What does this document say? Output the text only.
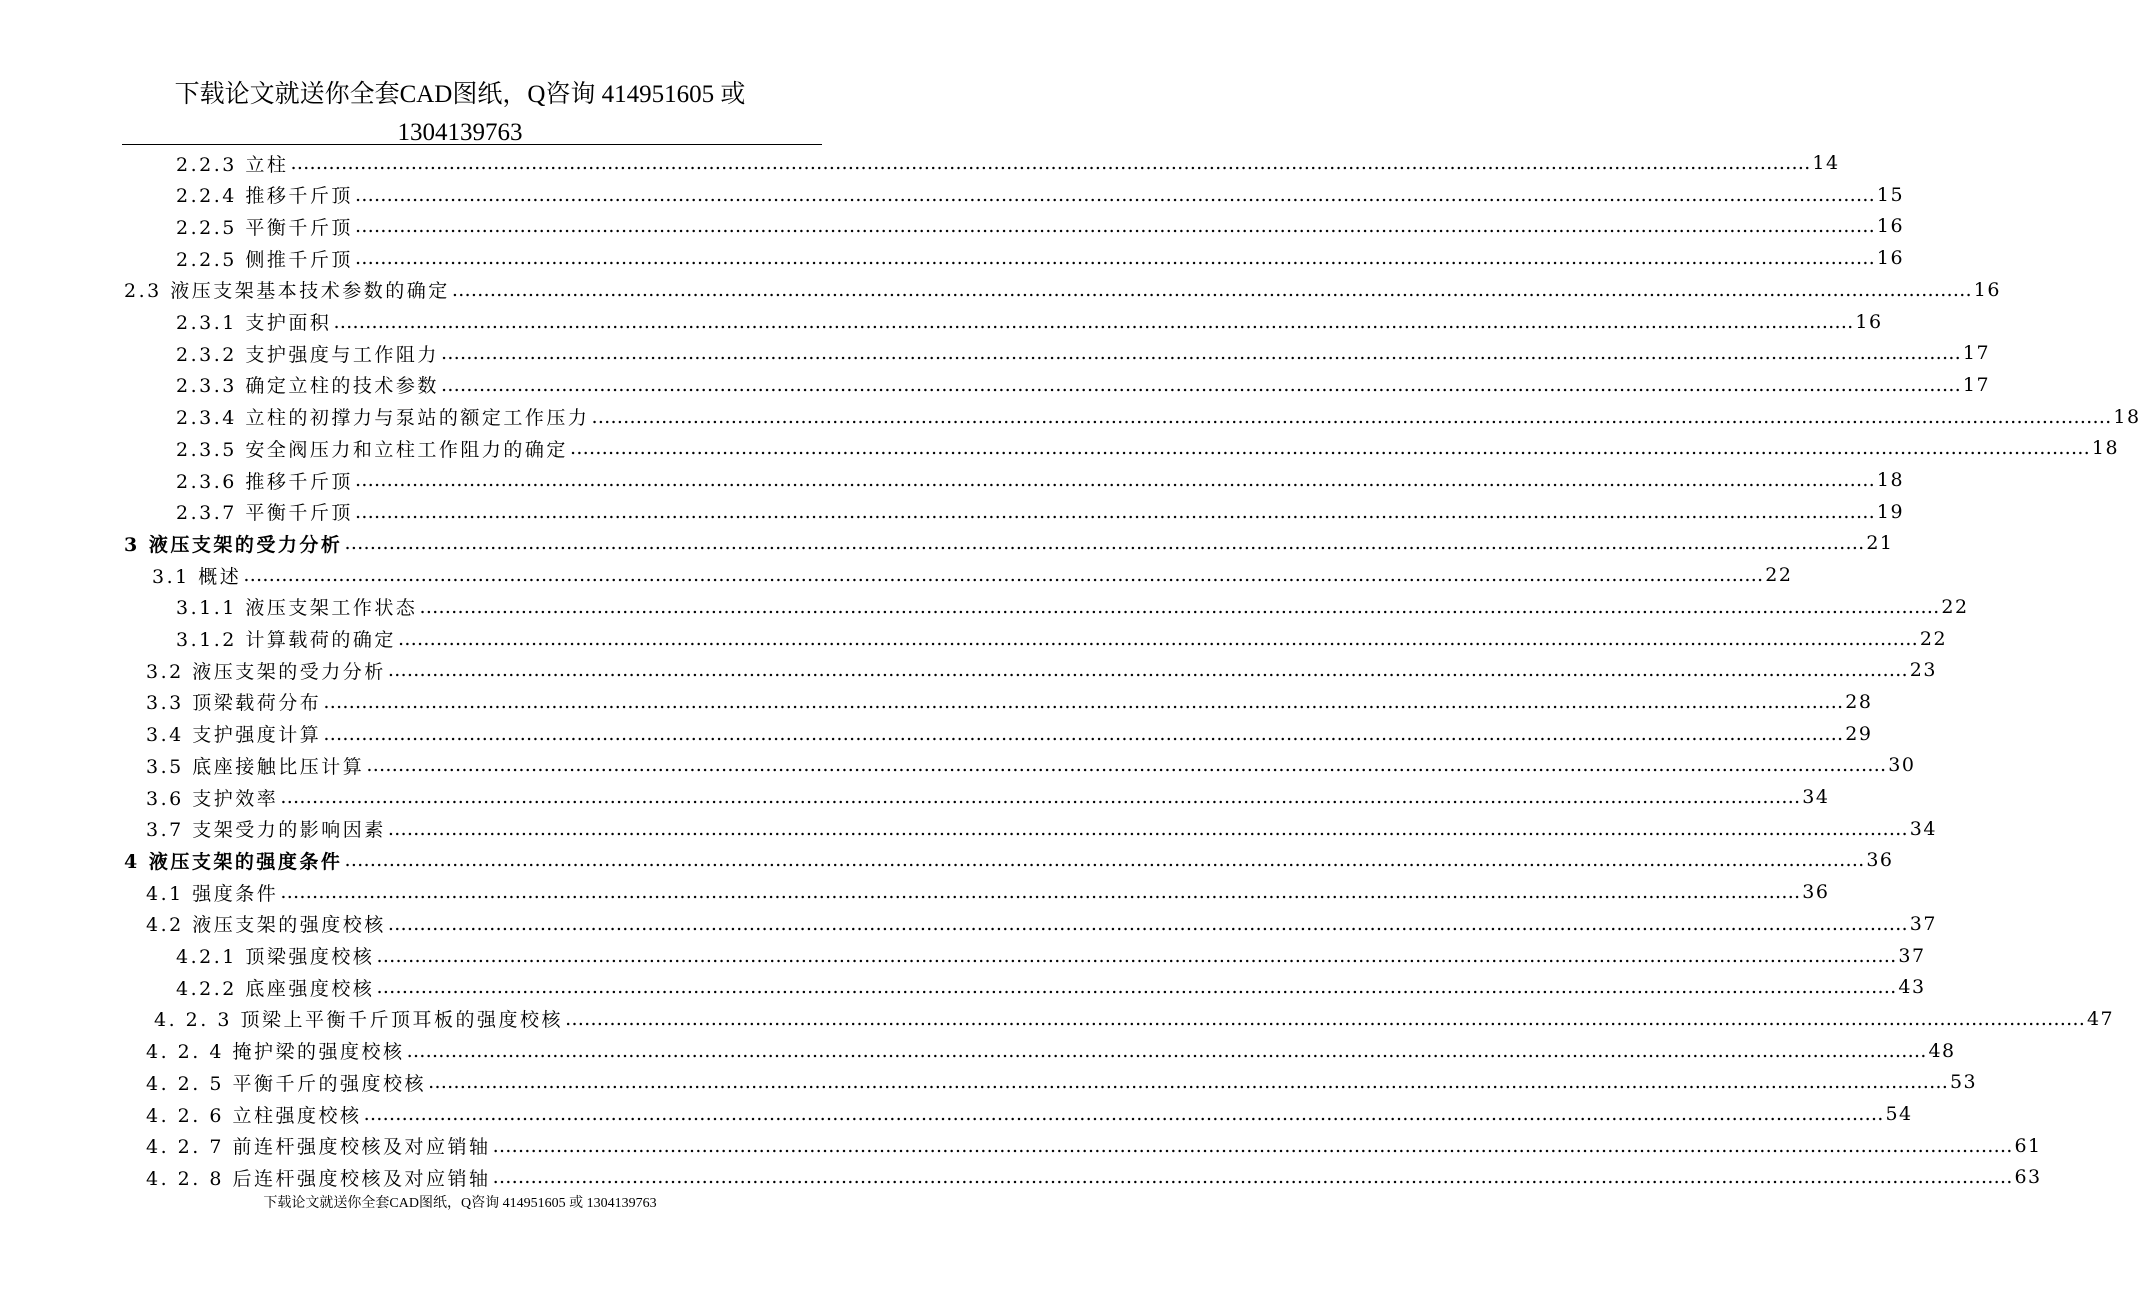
下载论文就送你全套CAD图纸，Q咨询 414951605 或
1304139763
2.2.3 立柱 …………………………………………………………………………………………………………………………………………………………………………………………………………………… 14
2.2.4 推移千斤顶 …………………………………………………………………………………………………………………………………………………………………………………………………………………… 15
2.2.5 平衡千斤顶 …………………………………………………………………………………………………………………………………………………………………………………………………………………… 16
2.2.5 侧推千斤顶 …………………………………………………………………………………………………………………………………………………………………………………………………………………… 16
2.3 液压支架基本技术参数的确定 …………………………………………………………………………………………………………………………………………………………………………………………………………………… 16
2.3.1 支护面积 …………………………………………………………………………………………………………………………………………………………………………………………………………………… 16
2.3.2 支护强度与工作阻力 …………………………………………………………………………………………………………………………………………………………………………………………………………………… 17
2.3.3 确定立柱的技术参数 …………………………………………………………………………………………………………………………………………………………………………………………………………………… 17
2.3.4 立柱的初撑力与泵站的额定工作压力 …………………………………………………………………………………………………………………………………………………………………………………………………………………… 18
2.3.5 安全阀压力和立柱工作阻力的确定 …………………………………………………………………………………………………………………………………………………………………………………………………………………… 18
2.3.6 推移千斤顶 …………………………………………………………………………………………………………………………………………………………………………………………………………………… 18
2.3.7 平衡千斤顶 …………………………………………………………………………………………………………………………………………………………………………………………………………………… 19
3 液压支架的受力分析 …………………………………………………………………………………………………………………………………………………………………………………………………………………… 21
3.1 概述 …………………………………………………………………………………………………………………………………………………………………………………………………………………… 22
3.1.1 液压支架工作状态 …………………………………………………………………………………………………………………………………………………………………………………………………………………… 22
3.1.2 计算载荷的确定 …………………………………………………………………………………………………………………………………………………………………………………………………………………… 22
3.2 液压支架的受力分析 …………………………………………………………………………………………………………………………………………………………………………………………………………………… 23
3.3 顶梁载荷分布 …………………………………………………………………………………………………………………………………………………………………………………………………………………… 28
3.4 支护强度计算 …………………………………………………………………………………………………………………………………………………………………………………………………………………… 29
3.5 底座接触比压计算 …………………………………………………………………………………………………………………………………………………………………………………………………………………… 30
3.6 支护效率 …………………………………………………………………………………………………………………………………………………………………………………………………………………… 34
3.7 支架受力的影响因素 …………………………………………………………………………………………………………………………………………………………………………………………………………………… 34
4 液压支架的强度条件 …………………………………………………………………………………………………………………………………………………………………………………………………………………… 36
4.1 强度条件 …………………………………………………………………………………………………………………………………………………………………………………………………………………… 36
4.2 液压支架的强度校核 …………………………………………………………………………………………………………………………………………………………………………………………………………………… 37
4.2.1 顶梁强度校核 …………………………………………………………………………………………………………………………………………………………………………………………………………………… 37
4.2.2 底座强度校核 …………………………………………………………………………………………………………………………………………………………………………………………………………………… 43
4. 2. 3 顶梁上平衡千斤顶耳板的强度校核 …………………………………………………………………………………………………………………………………………………………………………………………………………………… 47
4. 2. 4 掩护梁的强度校核 …………………………………………………………………………………………………………………………………………………………………………………………………………………… 48
4. 2. 5 平衡千斤的强度校核 …………………………………………………………………………………………………………………………………………………………………………………………………………………… 53
4. 2. 6 立柱强度校核 …………………………………………………………………………………………………………………………………………………………………………………………………………………… 54
4. 2. 7 前连杆强度校核及对应销轴 …………………………………………………………………………………………………………………………………………………………………………………………………………………… 61
4. 2. 8 后连杆强度校核及对应销轴 …………………………………………………………………………………………………………………………………………………………………………………………………………………… 63
下载论文就送你全套CAD图纸，Q咨询 414951605 或 1304139763
